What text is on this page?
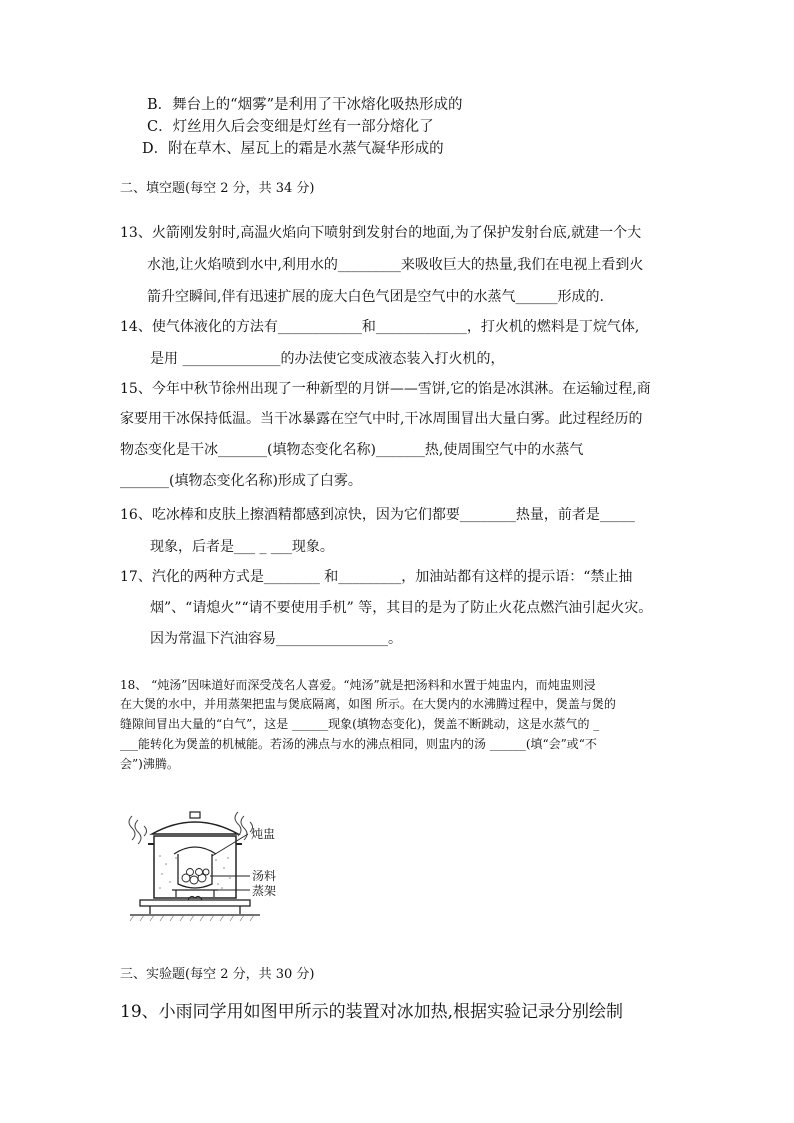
B．舞台上的“烟雾”是利用了干冰熔化吸热形成的
C．灯丝用久后会变细是灯丝有一部分熔化了
D．附在草木、屋瓦上的霜是水蒸气凝华形成的
二、填空题(每空 2 分，共 34 分)
13、火箭刚发射时,高温火焰向下喷射到发射台的地面,为了保护发射台底,就建一个大
水池,让火焰喷到水中,利用水的_________来吸收巨大的热量,我们在电视上看到火
箭升空瞬间,伴有迅速扩展的庞大白色气团是空气中的水蒸气______形成的.
14、使气体液化的方法有____________和_____________，打火机的燃料是丁烷气体,
是用 ______________的办法使它变成液态装入打火机的，
15、今年中秋节徐州出现了一种新型的月饼——雪饼,它的馅是冰淇淋。在运输过程,商
家要用干冰保持低温。当干冰暴露在空气中时,干冰周围冒出大量白雾。此过程经历的
物态变化是干冰_______(填物态变化名称)_______热,使周围空气中的水蒸气
_______(填物态变化名称)形成了白雾。
16、吃冰棒和皮肤上擦酒精都感到凉快，因为它们都要________热量，前者是_____
现象，后者是___ _ ___现象。
17、汽化的两种方式是________ 和_________，加油站都有这样的提示语：“禁止抽
烟”、“请熄火”“请不要使用手机” 等，其目的是为了防止火花点燃汽油引起火灾。
因为常温下汽油容易________________。
18、 “炖汤”因味道好而深受茂名人喜爱。“炖汤”就是把汤料和水置于炖盅内，而炖盅则浸
在大煲的水中，并用蒸架把盅与煲底隔离，如图 所示。在大煲内的水沸腾过程中，煲盖与煲的
缝隙间冒出大量的“白气”，这是 ______现象(填物态变化)，煲盖不断跳动，这是水蒸气的 _
___能转化为煲盖的机械能。若汤的沸点与水的沸点相同，则盅内的汤 ______(填“会”或“不
会”)沸腾。
炖盅
汤料
蒸架
三、实验题(每空 2 分，共 30 分)
19、小雨同学用如图甲所示的装置对冰加热,根据实验记录分别绘制
